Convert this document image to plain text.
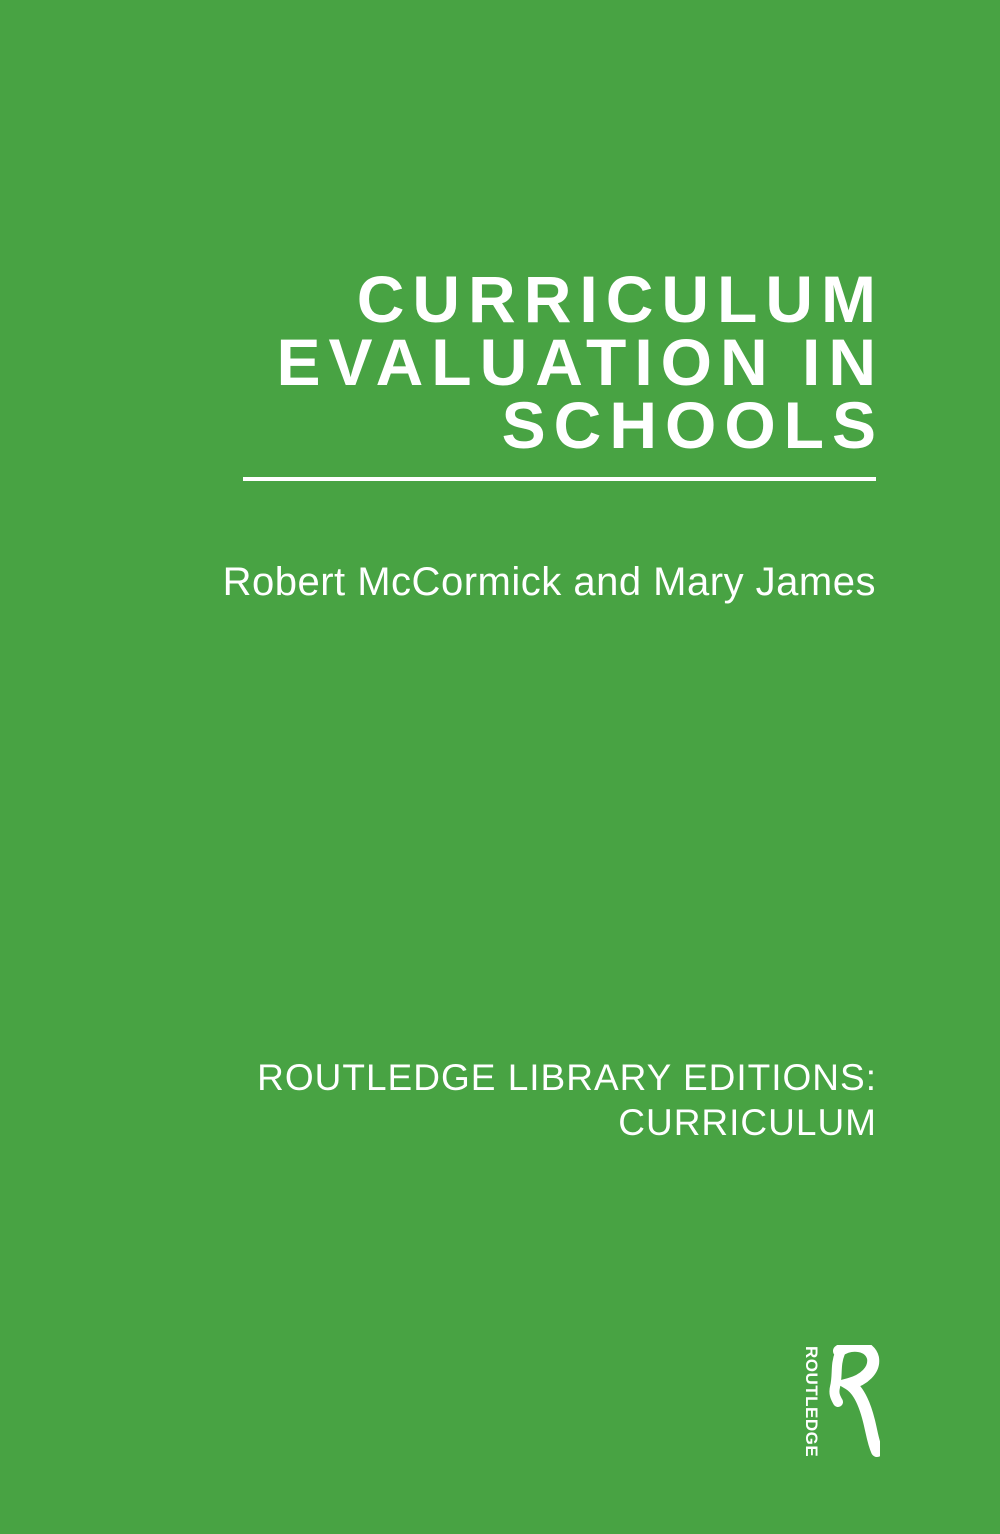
CURRICULUM
EVALUATION IN
SCHOOLS
Robert McCormick and Mary James
ROUTLEDGE LIBRARY EDITIONS:
CURRICULUM
ROUTLEDGE
